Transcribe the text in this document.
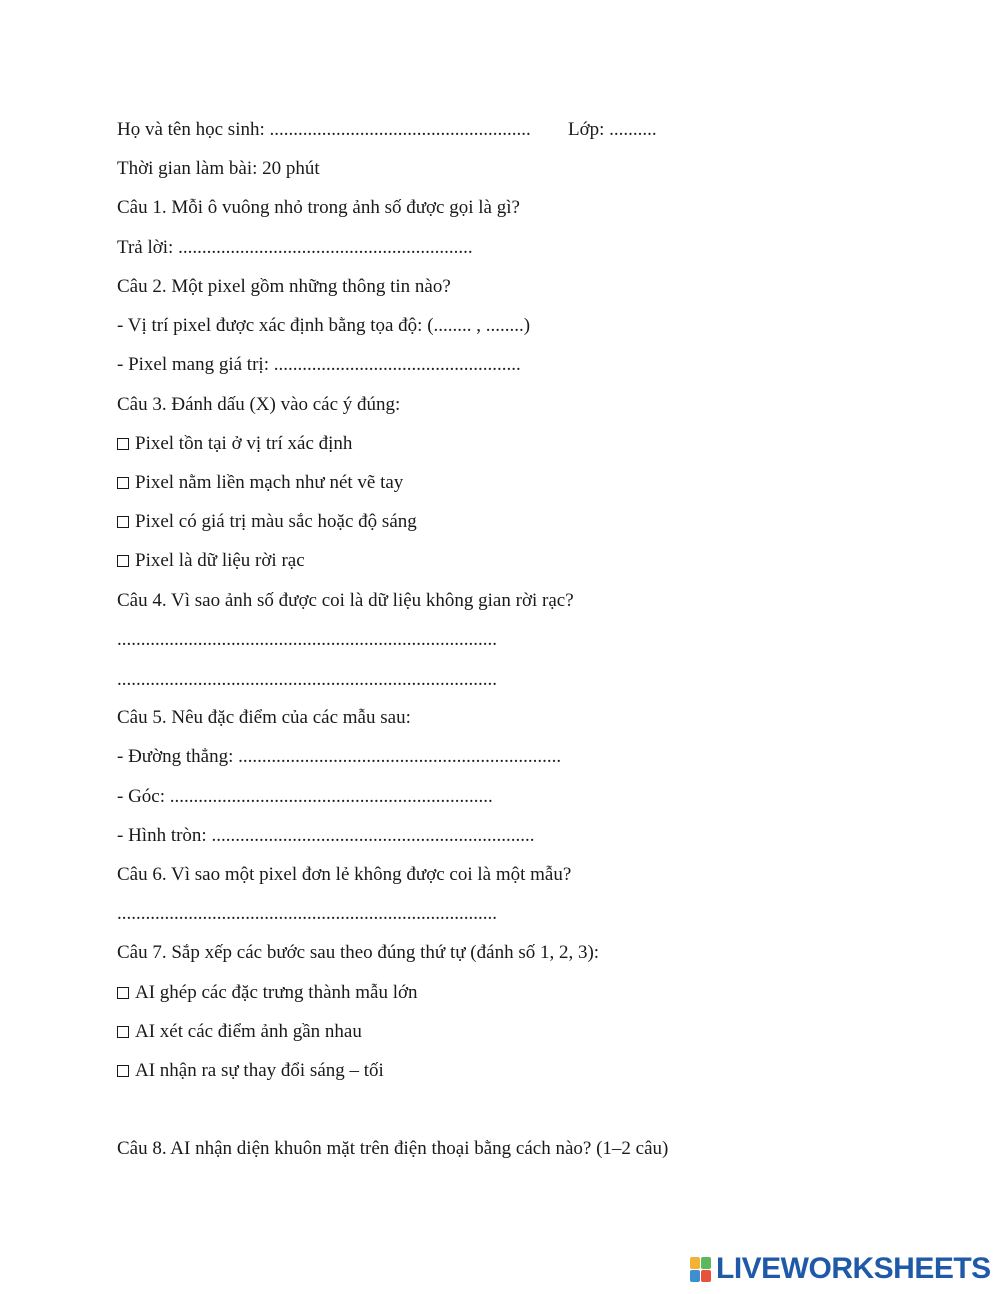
Họ và tên học sinh: ....................................................... Lớp: ..........
Thời gian làm bài: 20 phút
Câu 1. Mỗi ô vuông nhỏ trong ảnh số được gọi là gì?
Trả lời: ..............................................................
Câu 2. Một pixel gồm những thông tin nào?
- Vị trí pixel được xác định bằng tọa độ: (........ , ........)
- Pixel mang giá trị: ....................................................
Câu 3. Đánh dấu (X) vào các ý đúng:
Pixel tồn tại ở vị trí xác định
Pixel nằm liền mạch như nét vẽ tay
Pixel có giá trị màu sắc hoặc độ sáng
Pixel là dữ liệu rời rạc
Câu 4. Vì sao ảnh số được coi là dữ liệu không gian rời rạc?
................................................................................
................................................................................
Câu 5. Nêu đặc điểm của các mẫu sau:
- Đường thẳng: ....................................................................
- Góc: ....................................................................
- Hình tròn: ....................................................................
Câu 6. Vì sao một pixel đơn lẻ không được coi là một mẫu?
................................................................................
Câu 7. Sắp xếp các bước sau theo đúng thứ tự (đánh số 1, 2, 3):
AI ghép các đặc trưng thành mẫu lớn
AI xét các điểm ảnh gần nhau
AI nhận ra sự thay đổi sáng – tối
Câu 8. AI nhận diện khuôn mặt trên điện thoại bằng cách nào? (1–2 câu)
LIVEWORKSHEETS
